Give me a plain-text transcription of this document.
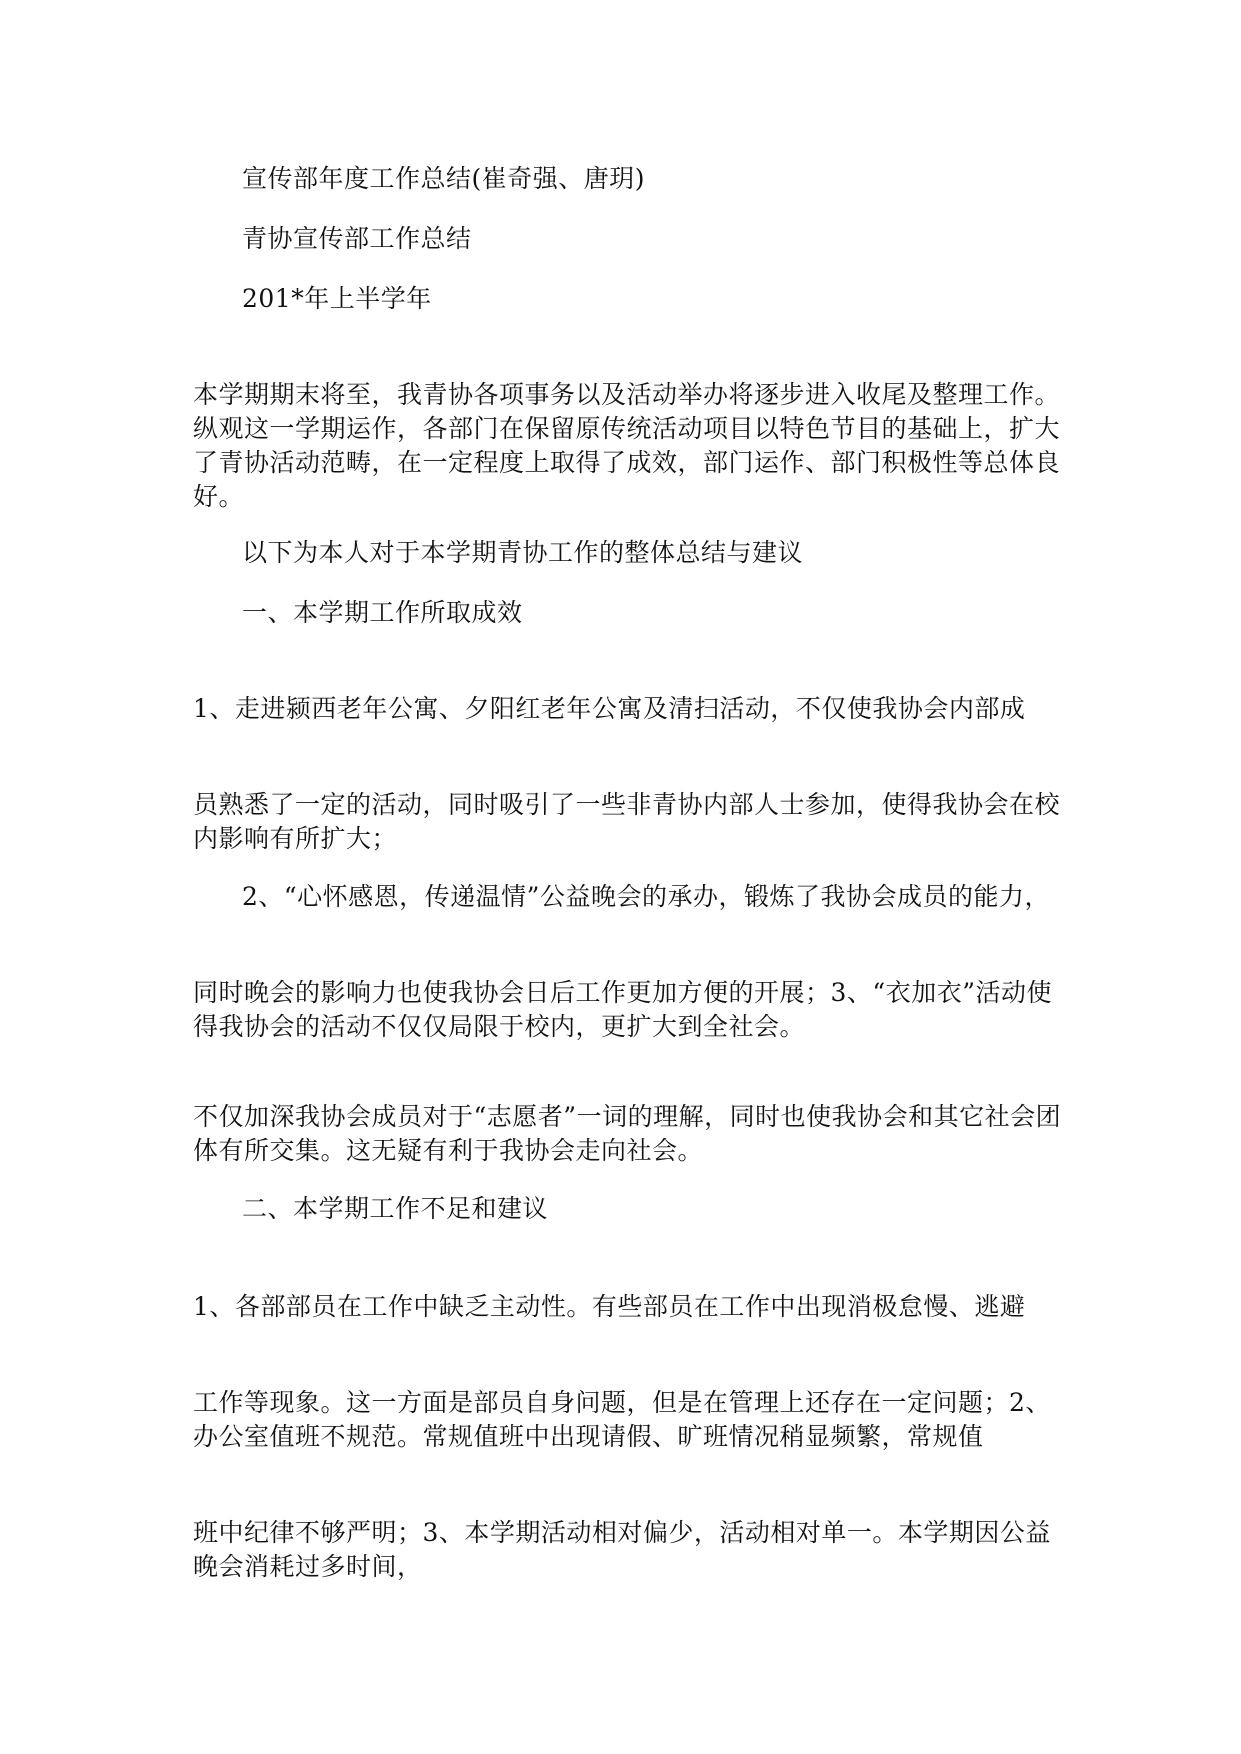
宣传部年度工作总结(崔奇强、唐玥)
青协宣传部工作总结
201*年上半学年
本学期期末将至，我青协各项事务以及活动举办将逐步进入收尾及整理工作。纵观这一学期运作，各部门在保留原传统活动项目以特色节目的基础上，扩大了青协活动范畴，在一定程度上取得了成效，部门运作、部门积极性等总体良好。
以下为本人对于本学期青协工作的整体总结与建议
一、本学期工作所取成效
1、走进颍西老年公寓、夕阳红老年公寓及清扫活动，不仅使我协会内部成
员熟悉了一定的活动，同时吸引了一些非青协内部人士参加，使得我协会在校内影响有所扩大；
2、“心怀感恩，传递温情”公益晚会的承办，锻炼了我协会成员的能力，
同时晚会的影响力也使我协会日后工作更加方便的开展；3、“衣加衣”活动使得我协会的活动不仅仅局限于校内，更扩大到全社会。
不仅加深我协会成员对于“志愿者”一词的理解，同时也使我协会和其它社会团体有所交集。这无疑有利于我协会走向社会。
二、本学期工作不足和建议
1、各部部员在工作中缺乏主动性。有些部员在工作中出现消极怠慢、逃避
工作等现象。这一方面是部员自身问题，但是在管理上还存在一定问题；2、
办公室值班不规范。常规值班中出现请假、旷班情况稍显频繁，常规值
班中纪律不够严明；3、本学期活动相对偏少，活动相对单一。本学期因公益
晚会消耗过多时间，
